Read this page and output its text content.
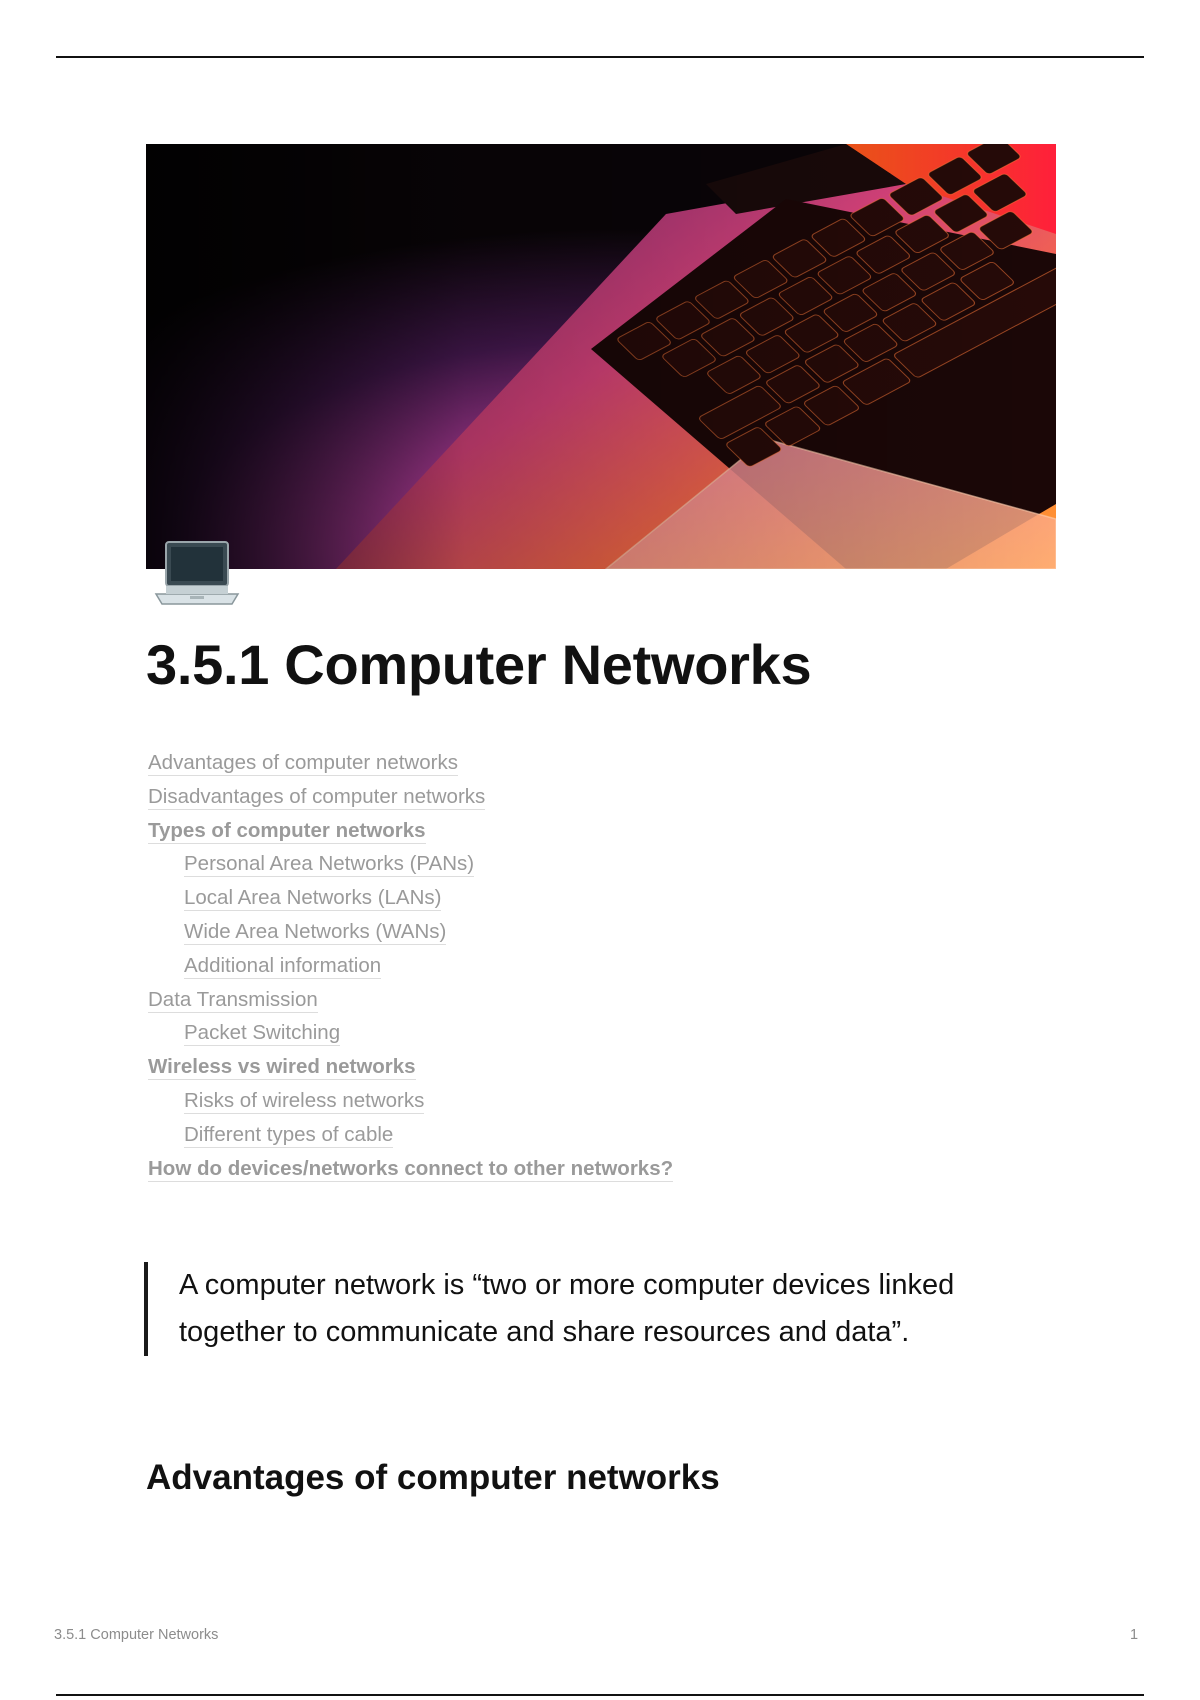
3.5.1 Computer Networks
Advantages of computer networks
Disadvantages of computer networks
Types of computer networks
Personal Area Networks (PANs)
Local Area Networks (LANs)
Wide Area Networks (WANs)
Additional information
Data Transmission
Packet Switching
Wireless vs wired networks
Risks of wireless networks
Different types of cable
How do devices/networks connect to other networks?
A computer network is “two or more computer devices linked together to communicate and share resources and data”.
Advantages of computer networks
3.5.1 Computer Networks	1
